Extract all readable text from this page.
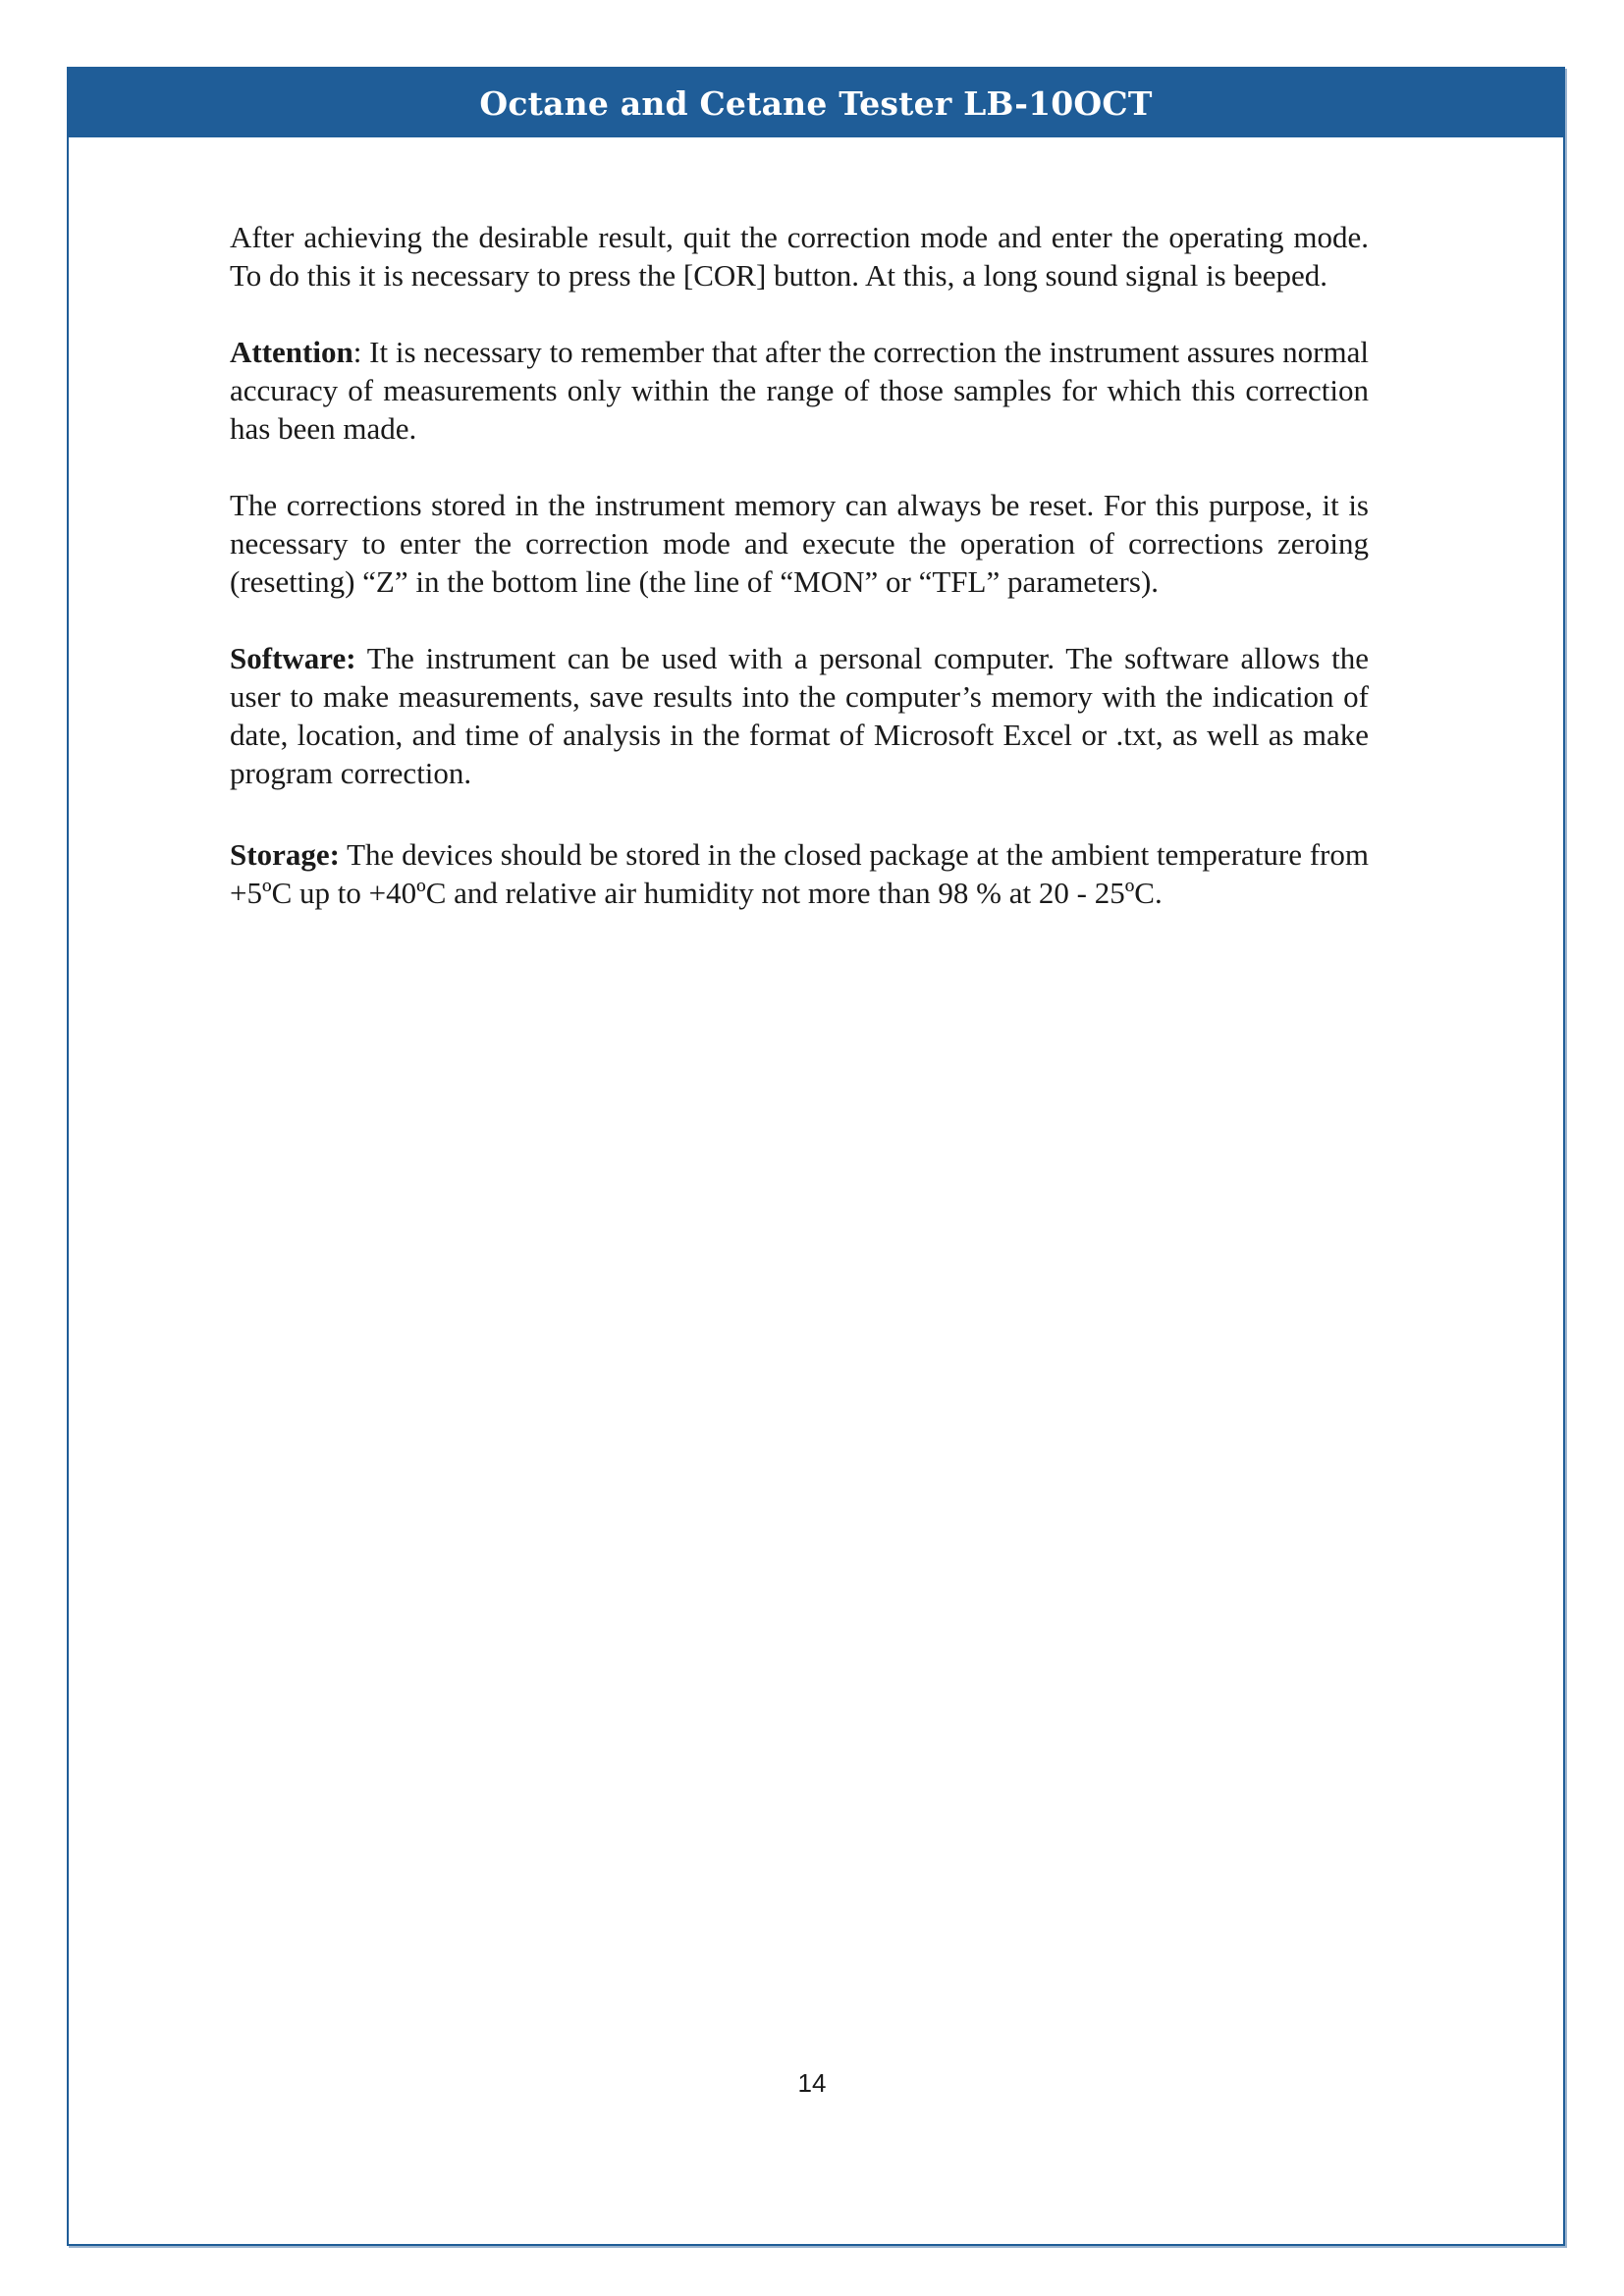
Octane and Cetane Tester LB-10OCT

After achieving the desirable result, quit the correction mode and enter the operating mode. To do this it is necessary to press the [COR] button. At this, a long sound signal is beeped.

Attention: It is necessary to remember that after the correction the instrument assures normal accuracy of measurements only within the range of those samples for which this correction has been made.

The corrections stored in the instrument memory can always be reset. For this purpose, it is necessary to enter the correction mode and execute the operation of corrections zeroing (resetting) “Z” in the bottom line (the line of “MON” or “TFL” parameters).

Software: The instrument can be used with a personal computer. The software allows the user to make measurements, save results into the computer’s memory with the indication of date, location, and time of analysis in the format of Microsoft Excel or .txt, as well as make program correction.

Storage: The devices should be stored in the closed package at the ambient temperature from +5ºC up to +40ºC and relative air humidity not more than 98 % at 20 - 25ºC.

14
